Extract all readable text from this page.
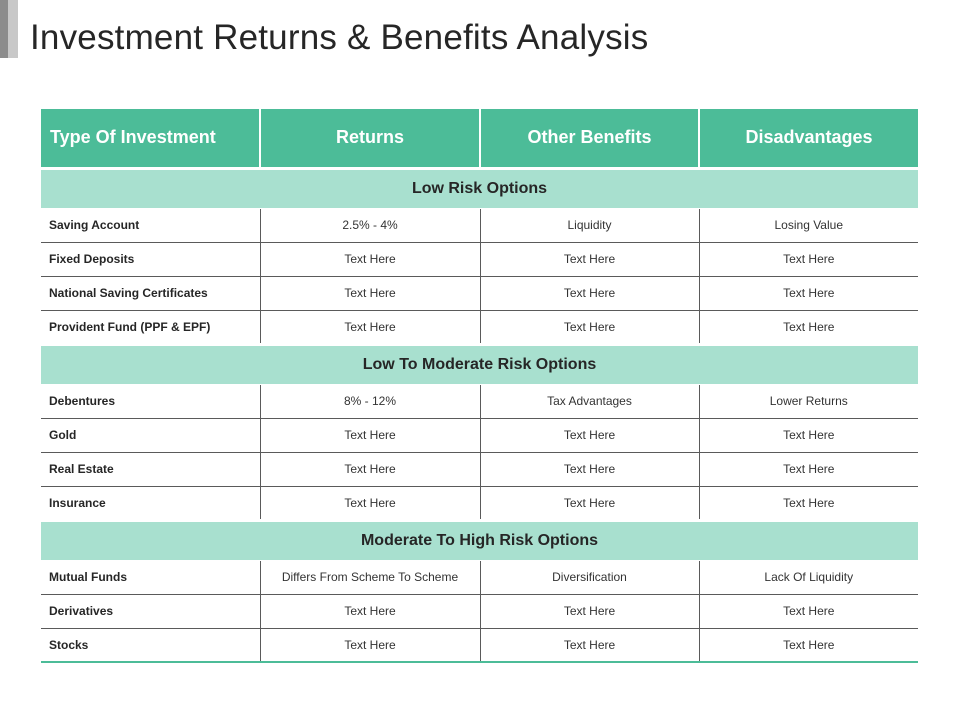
Investment Returns & Benefits Analysis
Type Of Investment	Returns	Other Benefits	Disadvantages
Low Risk Options			
Saving Account	2.5% - 4%	Liquidity	Losing Value
Fixed Deposits	Text Here	Text Here	Text Here
National Saving Certificates	Text Here	Text Here	Text Here
Provident Fund (PPF & EPF)	Text Here	Text Here	Text Here
Low To Moderate Risk Options			
Debentures	8% - 12%	Tax Advantages	Lower Returns
Gold	Text Here	Text Here	Text Here
Real Estate	Text Here	Text Here	Text Here
Insurance	Text Here	Text Here	Text Here
Moderate To High Risk Options			
Mutual Funds	Differs From Scheme To Scheme	Diversification	Lack Of Liquidity
Derivatives	Text Here	Text Here	Text Here
Stocks	Text Here	Text Here	Text Here
